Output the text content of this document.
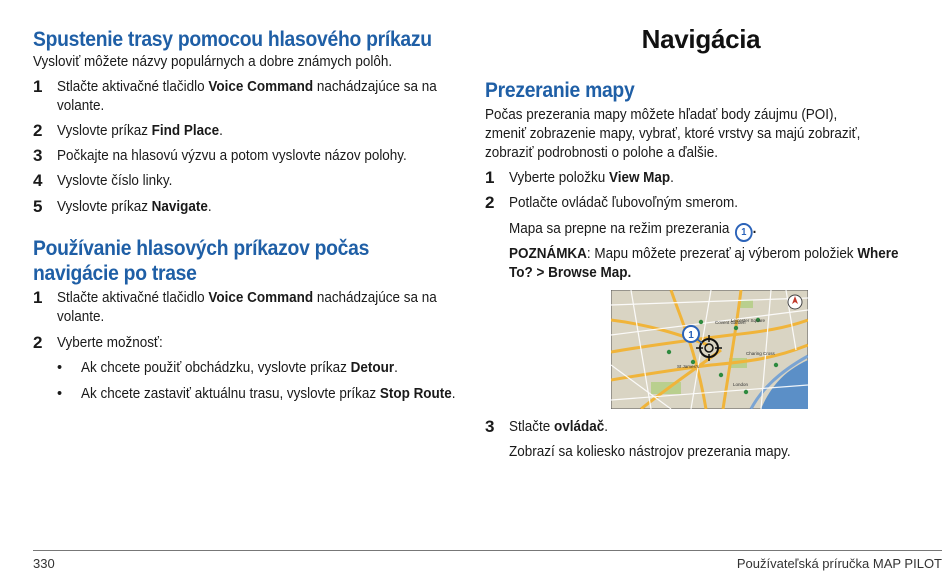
Spustenie trasy pomocou hlasového príkazu

Vysloviť môžete názvy populárnych a dobre známych polôh.

1 Stlačte aktivačné tlačidlo Voice Command nachádzajúce sa na volante.
2 Vyslovte príkaz Find Place.
3 Počkajte na hlasovú výzvu a potom vyslovte názov polohy.
4 Vyslovte číslo linky.
5 Vyslovte príkaz Navigate.
Používanie hlasových príkazov počas navigácie po trase
1 Stlačte aktivačné tlačidlo Voice Command nachádzajúce sa na volante.
2 Vyberte možnosť:
• Ak chcete použiť obchádzku, vyslovte príkaz Detour.
• Ak chcete zastaviť aktuálnu trasu, vyslovte príkaz Stop Route.
Navigácia
Prezeranie mapy

Počas prezerania mapy môžete hľadať body záujmu (POI), zmeniť zobrazenie mapy, vybrať, ktoré vrstvy sa majú zobraziť, zobraziť podrobnosti o polohe a ďalšie.

1 Vyberte položku View Map.
2 Potlačte ovládač ľubovoľným smerom.
Mapa sa prepne na režim prezerania 1 .
POZNÁMKA: Mapu môžete prezerať aj výberom položiek Where To? > Browse Map.
3 Stlačte ovládač.
Zobrazí sa koliesko nástrojov prezerania mapy.
Covent Garden
Leicester Square
Charing Cross
St James's
London
1
330	Používateľská príručka MAP PILOT
